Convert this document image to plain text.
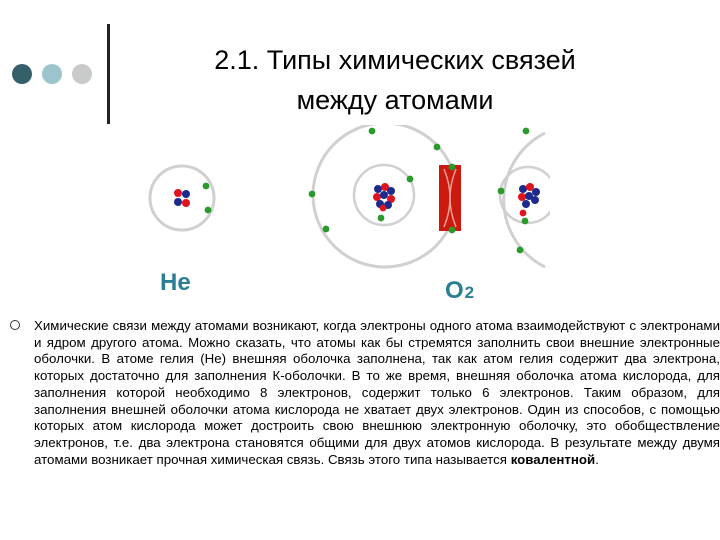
2.1. Типы химических связей
между атомами
He	O2

Химические связи между атомами возникают, когда электроны одного атома взаимодействуют с электронами и ядром другого атома. Можно сказать, что атомы как бы стремятся заполнить свои внешние электронные оболочки. В атоме гелия (He) внешняя оболочка заполнена, так как атом гелия содержит два электрона, которых достаточно для заполнения К-оболочки. В то же время, внешняя оболочка атома кислорода, для заполнения которой необходимо 8 электронов, содержит только 6 электронов. Таким образом, для заполнения внешней оболочки атома кислорода не хватает двух электронов. Один из способов, с помощью которых атом кислорода может достроить свою внешнюю электронную оболочку, это обобществление электронов, т.е. два электрона становятся общими для двух атомов кислорода. В результате между двумя атомами возникает прочная химическая связь. Связь этого типа называется ковалентной.
